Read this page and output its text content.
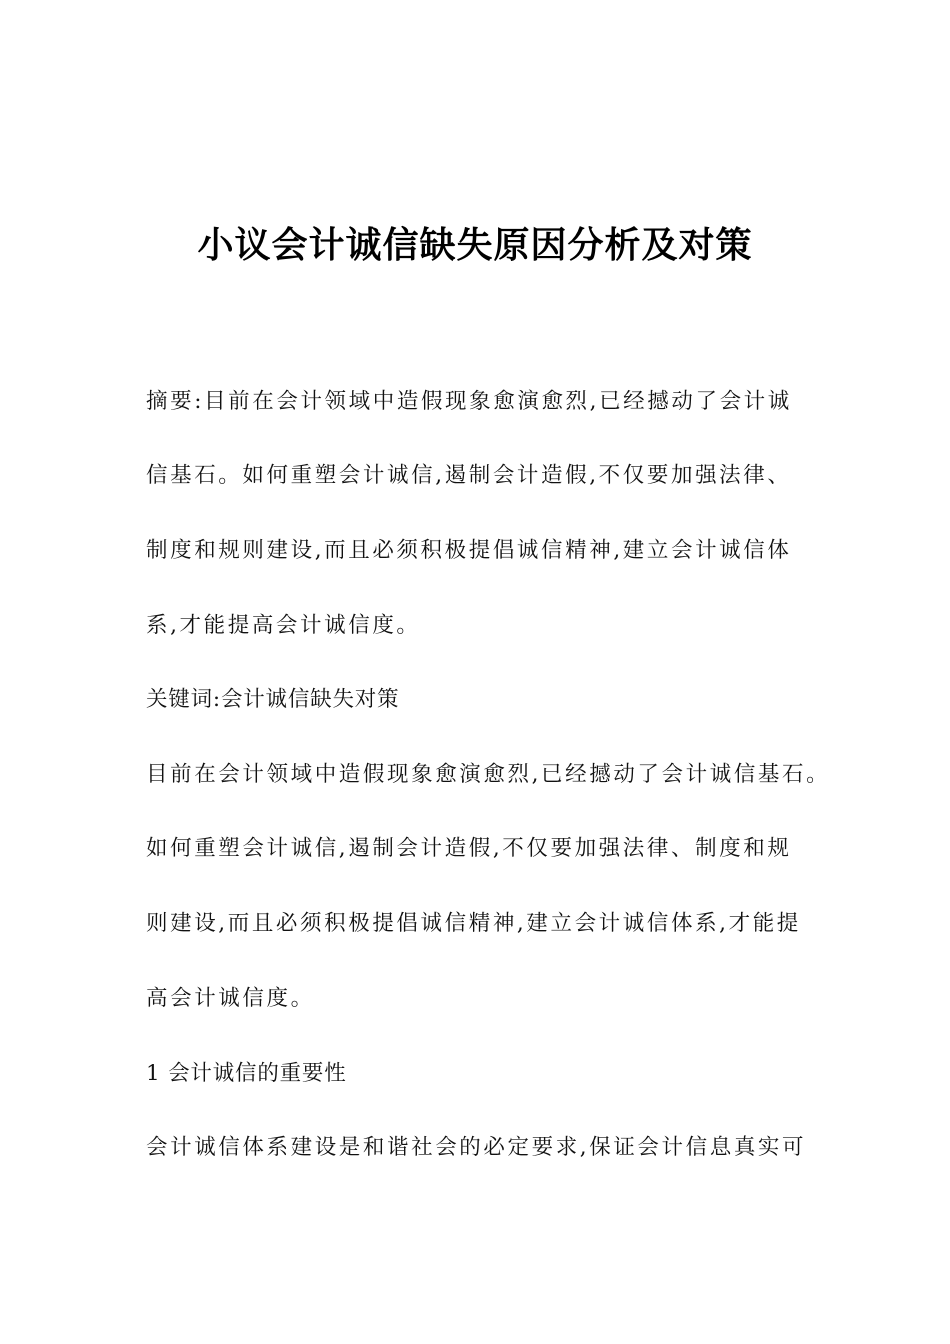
小议会计诚信缺失原因分析及对策
摘要:目前在会计领域中造假现象愈演愈烈,已经撼动了会计诚
信基石。如何重塑会计诚信,遏制会计造假,不仅要加强法律、
制度和规则建设,而且必须积极提倡诚信精神,建立会计诚信体
系,才能提高会计诚信度。
关键词:会计诚信缺失对策
目前在会计领域中造假现象愈演愈烈,已经撼动了会计诚信基石。
如何重塑会计诚信,遏制会计造假,不仅要加强法律、制度和规
则建设,而且必须积极提倡诚信精神,建立会计诚信体系,才能提
高会计诚信度。
1 会计诚信的重要性
会计诚信体系建设是和谐社会的必定要求,保证会计信息真实可
